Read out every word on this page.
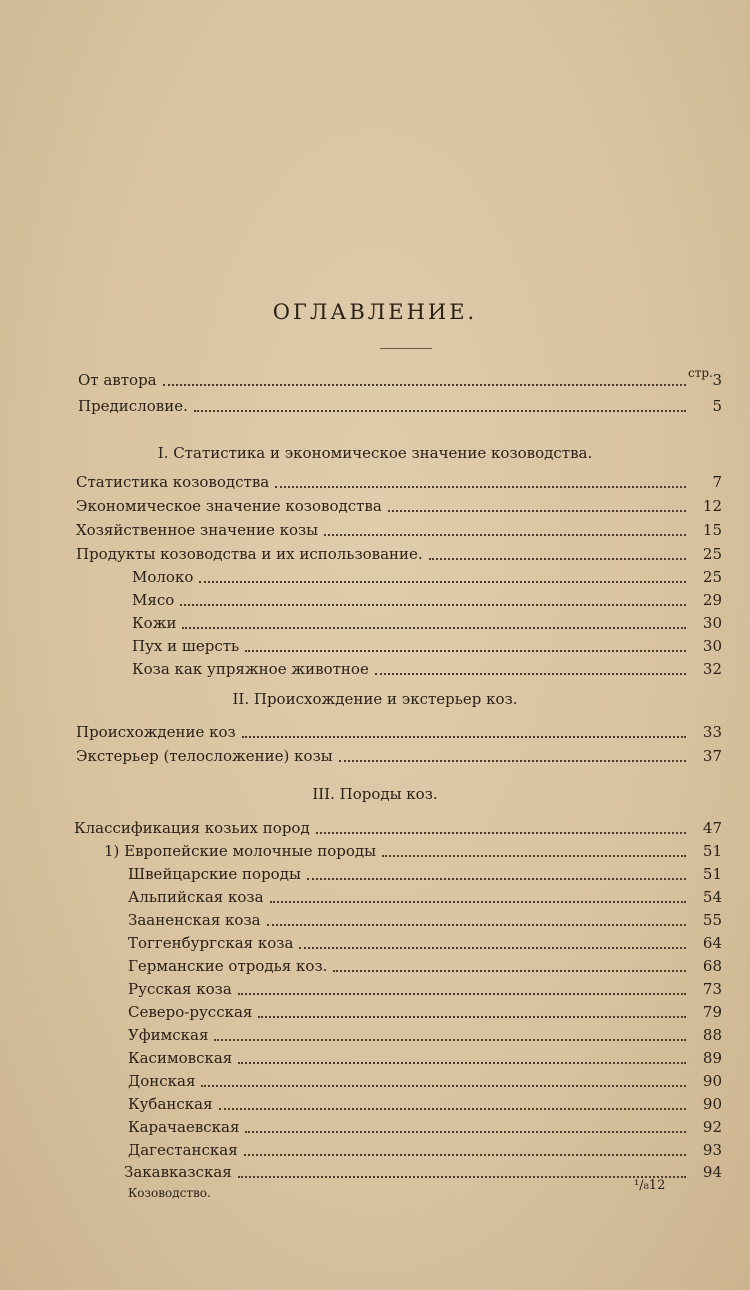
ОГЛАВЛЕНИЕ.
стр.
От автора	3
Предисловие.	5
I. Статистика и экономическое значение козоводства.
Статистика козоводства	7
Экономическое значение козоводства	12
Хозяйственное значение козы	15
Продукты козоводства и их использование.	25
Молоко	25
Мясо	29
Кожи	30
Пух и шерсть	30
Коза как упряжное животное	32
II. Происхождение и экстерьер коз.
Происхождение коз	33
Экстерьер (телосложение) козы	37
III. Породы коз.
Классификация козьих пород	47
1) Европейские молочные породы	51
Швейцарские породы	51
Альпийская коза	54
Зааненская коза	55
Тоггенбургская коза	64
Германские отродья коз.	68
Русская коза	73
Северо-русская	79
Уфимская	88
Касимовская	89
Донская	90
Кубанская	90
Карачаевская	92
Дагестанская	93
Закавказская	94
Козоводство.	¹/₈12
